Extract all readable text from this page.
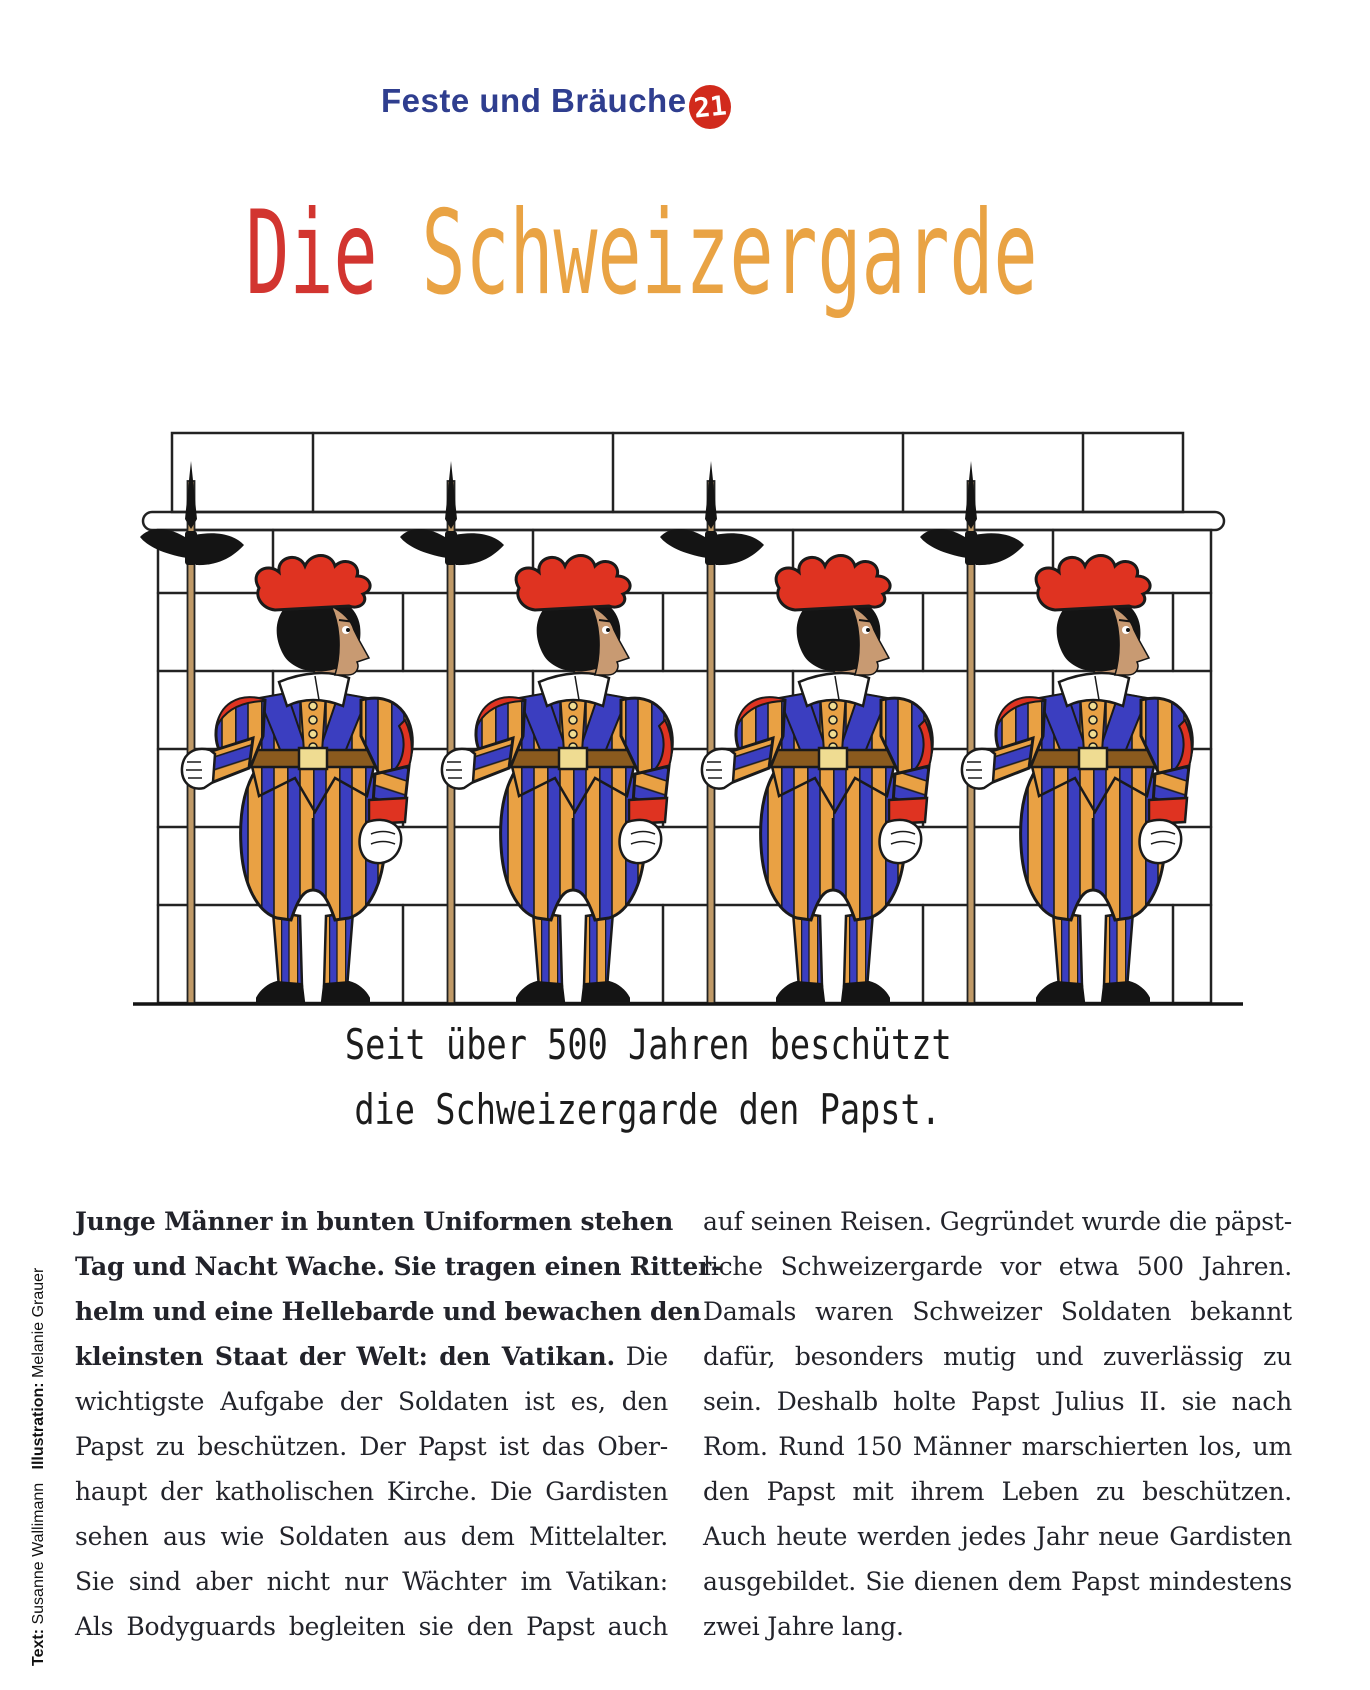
Feste und Bräuche 21
Die Schweizergarde
Seit über 500 Jahren beschützt
die Schweizergarde den Papst.
Junge Männer in bunten Uniformen stehen
Tag und Nacht Wache. Sie tragen einen Ritter-
helm und eine Hellebarde und bewachen den
kleinsten Staat der Welt: den Vatikan. Die
wichtigste Aufgabe der Soldaten ist es, den
Papst zu beschützen. Der Papst ist das Ober-
haupt der katholischen Kirche. Die Gardisten
sehen aus wie Soldaten aus dem Mittelalter.
Sie sind aber nicht nur Wächter im Vatikan:
Als Bodyguards begleiten sie den Papst auch
auf seinen Reisen. Gegründet wurde die päpst-
liche Schweizergarde vor etwa 500 Jahren.
Damals waren Schweizer Soldaten bekannt
dafür, besonders mutig und zuverlässig zu
sein. Deshalb holte Papst Julius II. sie nach
Rom. Rund 150 Männer marschierten los, um
den Papst mit ihrem Leben zu beschützen.
Auch heute werden jedes Jahr neue Gardisten
ausgebildet. Sie dienen dem Papst mindestens
zwei Jahre lang.
Text: Susanne Wallimann   Illustration: Melanie Grauer
